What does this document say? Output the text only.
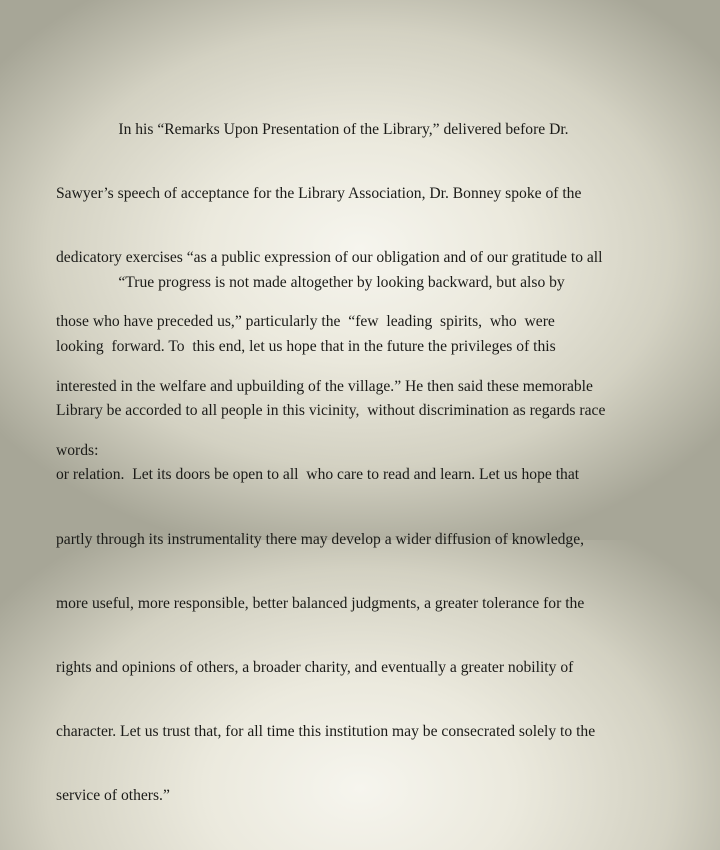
In his “Remarks Upon Presentation of the Library,” delivered before Dr.

Sawyer’s speech of acceptance for the Library Association, Dr. Bonney spoke of the

dedicatory exercises “as a public expression of our obligation and of our gratitude to all

those who have preceded us,” particularly the  “few  leading  spirits,  who  were

interested in the welfare and upbuilding of the village.” He then said these memorable

words:

“True progress is not made altogether by looking backward, but also by

looking  forward. To  this end, let us hope that in the future the privileges of this

Library be accorded to all people in this vicinity,  without discrimination as regards race

or relation.  Let its doors be open to all  who care to read and learn. Let us hope that

partly through its instrumentality there may develop a wider diffusion of knowledge,

more useful, more responsible, better balanced judgments, a greater tolerance for the

rights and opinions of others, a broader charity, and eventually a greater nobility of

character. Let us trust that, for all time this institution may be consecrated solely to the

service of others.”
